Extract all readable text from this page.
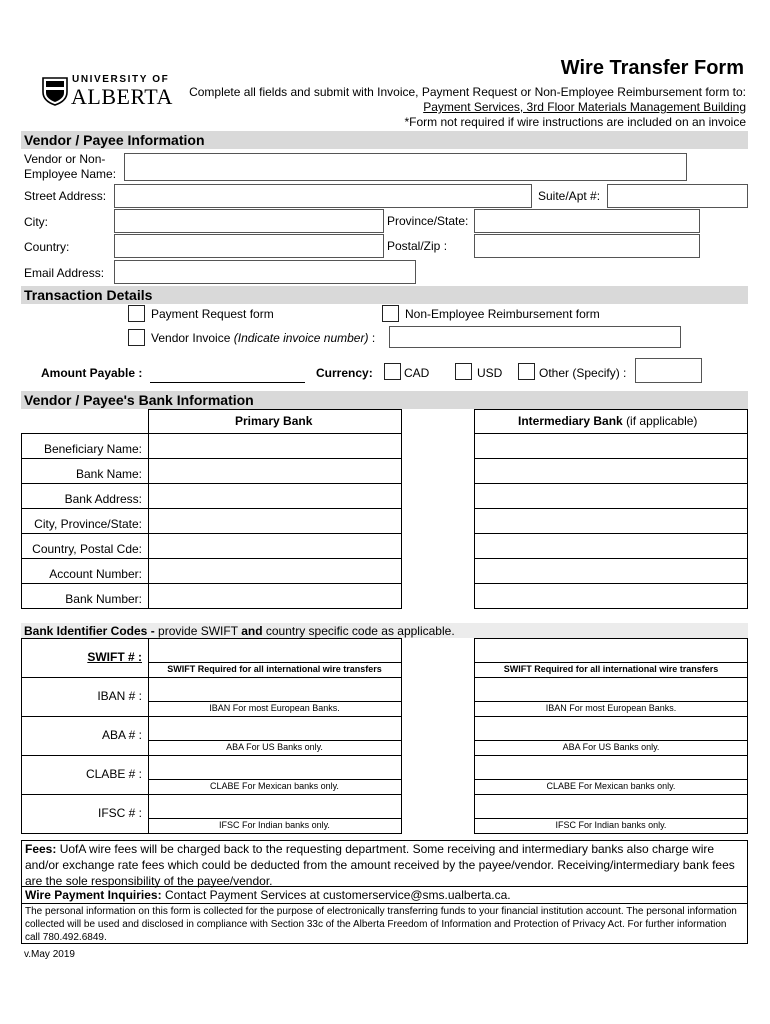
UNIVERSITY OF
ALBERTA
Wire Transfer Form
Complete all fields and submit with Invoice, Payment Request or Non-Employee Reimbursement form to:
Payment Services, 3rd Floor Materials Management Building
*Form not required if wire instructions are included on an invoice
Vendor / Payee Information
Vendor or Non-
Employee Name:
Street Address:	Suite/Apt #:
City:	Province/State:
Country:	Postal/Zip :
Email Address:
Transaction Details
Payment Request form	Non-Employee Reimbursement form
Vendor Invoice (Indicate invoice number) :
Amount Payable :	Currency:	CAD	USD	Other (Specify) :
Vendor / Payee's Bank Information
Primary Bank	Intermediary Bank (if applicable)
Beneficiary Name:
Bank Name:
Bank Address:
City, Province/State:
Country, Postal Cde:
Account Number:
Bank Number:
Bank Identifier Codes - provide SWIFT and country specific code as applicable.
SWIFT # :
SWIFT Required for all international wire transfers	SWIFT Required for all international wire transfers
IBAN # :
IBAN For most European Banks.	IBAN For most European Banks.
ABA # :
ABA For US Banks only.	ABA For US Banks only.
CLABE # :
CLABE For Mexican banks only.	CLABE For Mexican banks only.
IFSC # :
IFSC For Indian banks only.	IFSC For Indian banks only.
Fees: UofA wire fees will be charged back to the requesting department. Some receiving and intermediary banks also charge wire and/or exchange rate fees which could be deducted from the amount received by the payee/vendor. Receiving/intermediary bank fees are the sole responsibility of the payee/vendor.
Wire Payment Inquiries: Contact Payment Services at customerservice@sms.ualberta.ca.
The personal information on this form is collected for the purpose of electronically transferring funds to your financial institution account. The personal information collected will be used and disclosed in compliance with Section 33c of the Alberta Freedom of Information and Protection of Privacy Act. For further information call 780.492.6849.
v.May 2019
